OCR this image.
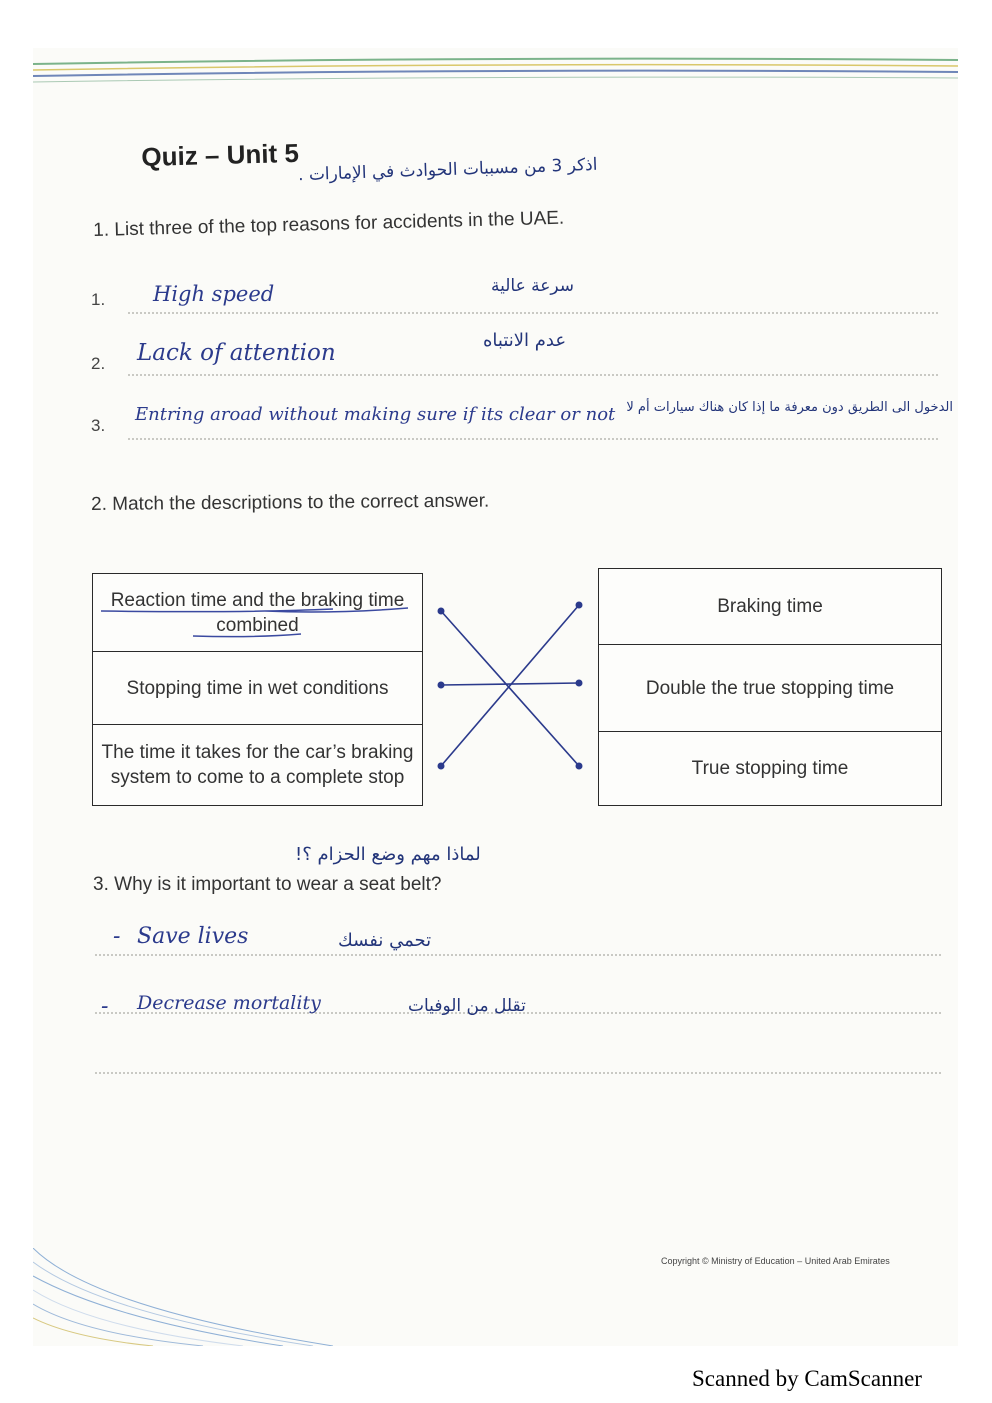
Quiz – Unit 5
اذكر 3 من مسببات الحوادث في الإمارات .
1. List three of the top reasons for accidents in the UAE.
1. High speed	سرعة عالية
2. Lack of attention	عدم الانتباه
3.
Entring aroad without making sure if its clear or not الدخول الى الطريق دون معرفة ما إذا كان هناك سيارات أم لا
2. Match the descriptions to the correct answer.
Reaction time and the braking time combined
Stopping time in wet conditions
The time it takes for the car’s braking system to come to a complete stop
Braking time
Double the true stopping time
True stopping time
لماذا مهم وضع الحزام ؟!
3. Why is it important to wear a seat belt?
- Save lives	تحمي نفسك
- Decrease mortality	تقلل من الوفيات
Copyright © Ministry of Education – United Arab Emirates
Scanned by CamScanner
